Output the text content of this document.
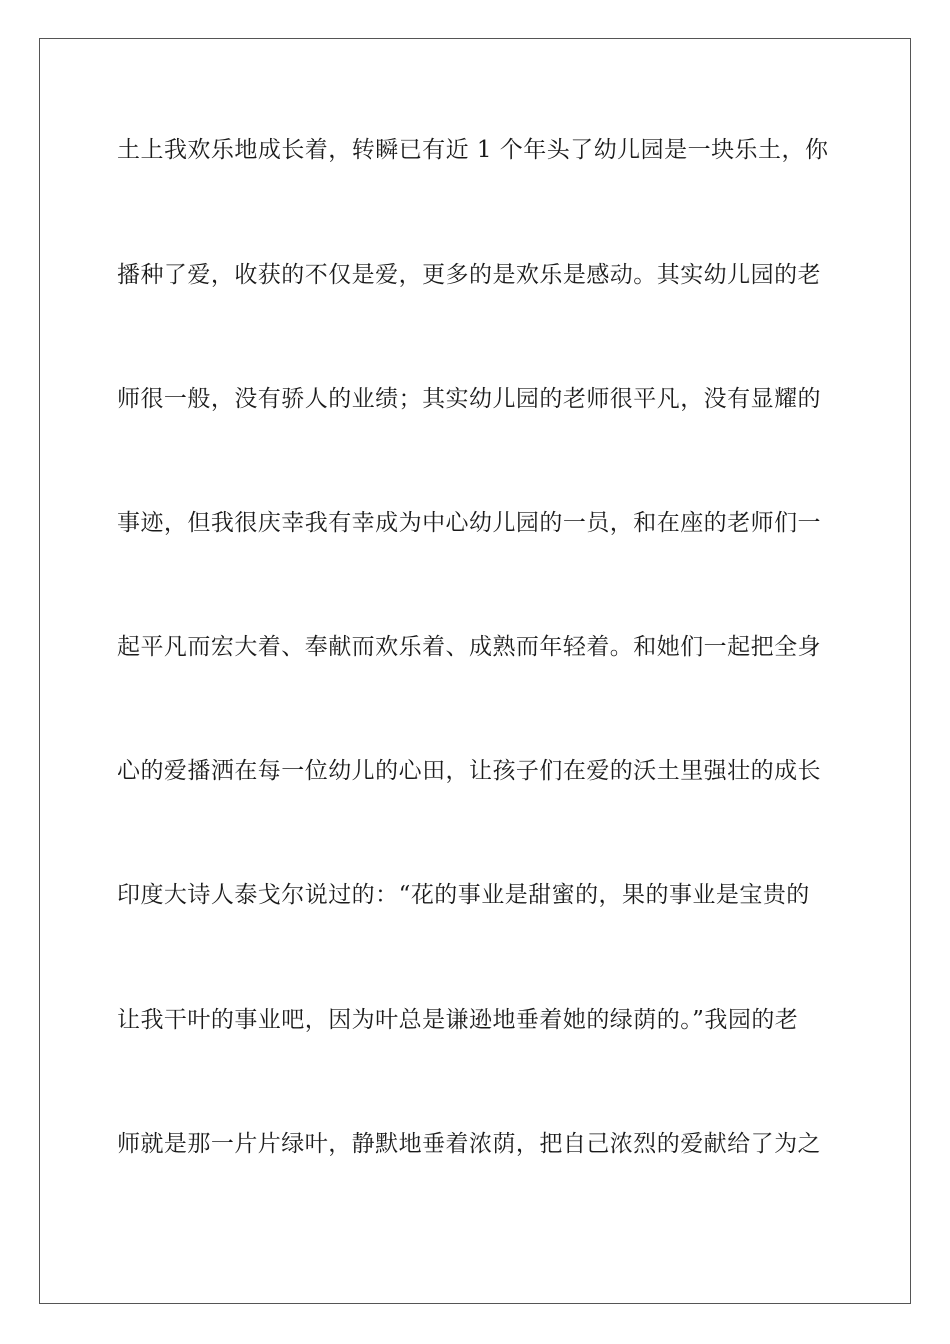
土上我欢乐地成长着，转瞬已有近 1 个年头了幼儿园是一块乐土，你
播种了爱，收获的不仅是爱，更多的是欢乐是感动。其实幼儿园的老
师很一般，没有骄人的业绩；其实幼儿园的老师很平凡，没有显耀的
事迹，但我很庆幸我有幸成为中心幼儿园的一员，和在座的老师们一
起平凡而宏大着、奉献而欢乐着、成熟而年轻着。和她们一起把全身
心的爱播洒在每一位幼儿的心田，让孩子们在爱的沃土里强壮的成长
印度大诗人泰戈尔说过的：“花的事业是甜蜜的，果的事业是宝贵的
让我干叶的事业吧，因为叶总是谦逊地垂着她的绿荫的。”我园的老
师就是那一片片绿叶，静默地垂着浓荫，把自己浓烈的爱献给了为之
